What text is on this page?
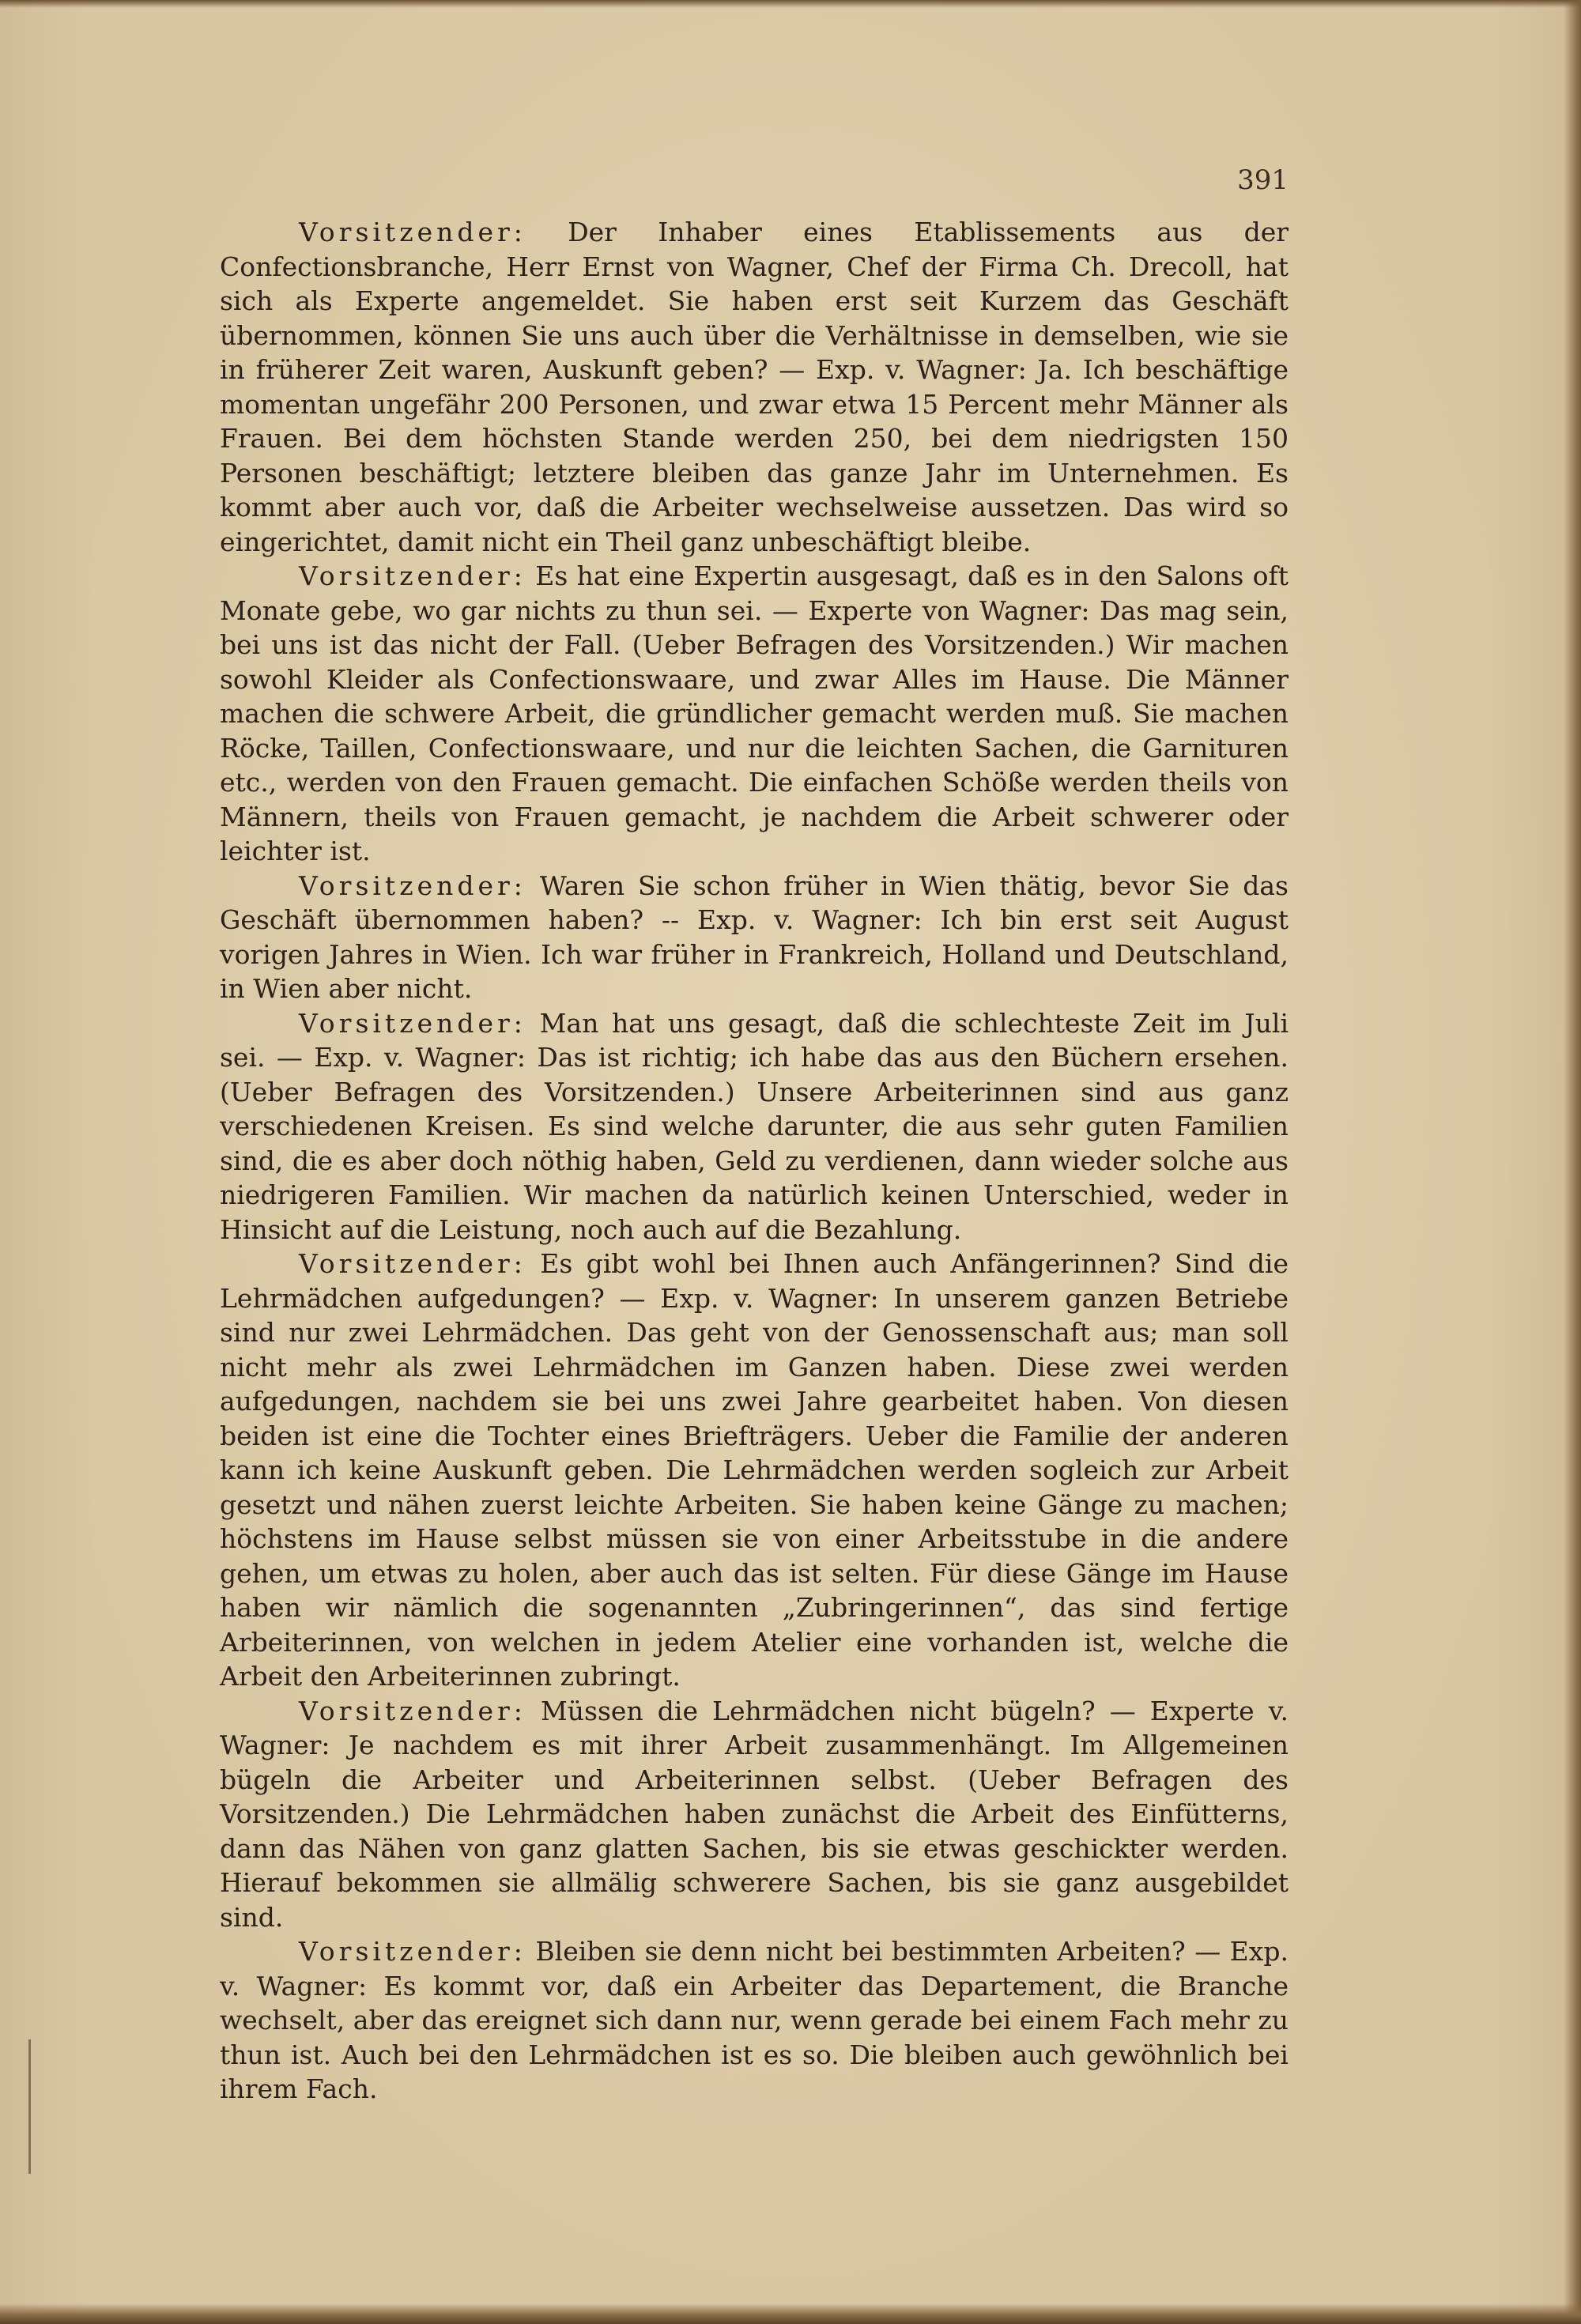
391

Vorsitzender: Der Inhaber eines Etablissements aus der Confectionsbranche, Herr Ernst von Wagner, Chef der Firma Ch. Drecoll, hat sich als Experte angemeldet. Sie haben erst seit Kurzem das Geschäft übernommen, können Sie uns auch über die Verhältnisse in demselben, wie sie in früherer Zeit waren, Auskunft geben? — Exp. v. Wagner: Ja. Ich beschäftige momentan ungefähr 200 Personen, und zwar etwa 15 Percent mehr Männer als Frauen. Bei dem höchsten Stande werden 250, bei dem niedrigsten 150 Personen beschäftigt; letztere bleiben das ganze Jahr im Unternehmen. Es kommt aber auch vor, daß die Arbeiter wechselweise aussetzen. Das wird so eingerichtet, damit nicht ein Theil ganz unbeschäftigt bleibe.

Vorsitzender: Es hat eine Expertin ausgesagt, daß es in den Salons oft Monate gebe, wo gar nichts zu thun sei. — Experte von Wagner: Das mag sein, bei uns ist das nicht der Fall. (Ueber Befragen des Vorsitzenden.) Wir machen sowohl Kleider als Confectionswaare, und zwar Alles im Hause. Die Männer machen die schwere Arbeit, die gründlicher gemacht werden muß. Sie machen Röcke, Taillen, Confectionswaare, und nur die leichten Sachen, die Garnituren etc., werden von den Frauen gemacht. Die einfachen Schöße werden theils von Männern, theils von Frauen gemacht, je nachdem die Arbeit schwerer oder leichter ist.

Vorsitzender: Waren Sie schon früher in Wien thätig, bevor Sie das Geschäft übernommen haben? -- Exp. v. Wagner: Ich bin erst seit August vorigen Jahres in Wien. Ich war früher in Frankreich, Holland und Deutschland, in Wien aber nicht.

Vorsitzender: Man hat uns gesagt, daß die schlechteste Zeit im Juli sei. — Exp. v. Wagner: Das ist richtig; ich habe das aus den Büchern ersehen. (Ueber Befragen des Vorsitzenden.) Unsere Arbeiterinnen sind aus ganz verschiedenen Kreisen. Es sind welche darunter, die aus sehr guten Familien sind, die es aber doch nöthig haben, Geld zu verdienen, dann wieder solche aus niedrigeren Familien. Wir machen da natürlich keinen Unterschied, weder in Hinsicht auf die Leistung, noch auch auf die Bezahlung.

Vorsitzender: Es gibt wohl bei Ihnen auch Anfängerinnen? Sind die Lehrmädchen aufgedungen? — Exp. v. Wagner: In unserem ganzen Betriebe sind nur zwei Lehrmädchen. Das geht von der Genossenschaft aus; man soll nicht mehr als zwei Lehrmädchen im Ganzen haben. Diese zwei werden aufgedungen, nachdem sie bei uns zwei Jahre gearbeitet haben. Von diesen beiden ist eine die Tochter eines Briefträgers. Ueber die Familie der anderen kann ich keine Auskunft geben. Die Lehrmädchen werden sogleich zur Arbeit gesetzt und nähen zuerst leichte Arbeiten. Sie haben keine Gänge zu machen; höchstens im Hause selbst müssen sie von einer Arbeitsstube in die andere gehen, um etwas zu holen, aber auch das ist selten. Für diese Gänge im Hause haben wir nämlich die sogenannten „Zubringerinnen“, das sind fertige Arbeiterinnen, von welchen in jedem Atelier eine vorhanden ist, welche die Arbeit den Arbeiterinnen zubringt.

Vorsitzender: Müssen die Lehrmädchen nicht bügeln? — Experte v. Wagner: Je nachdem es mit ihrer Arbeit zusammenhängt. Im Allgemeinen bügeln die Arbeiter und Arbeiterinnen selbst. (Ueber Befragen des Vorsitzenden.) Die Lehrmädchen haben zunächst die Arbeit des Einfütterns, dann das Nähen von ganz glatten Sachen, bis sie etwas geschickter werden. Hierauf bekommen sie allmälig schwerere Sachen, bis sie ganz ausgebildet sind.

Vorsitzender: Bleiben sie denn nicht bei bestimmten Arbeiten? — Exp. v. Wagner: Es kommt vor, daß ein Arbeiter das Departement, die Branche wechselt, aber das ereignet sich dann nur, wenn gerade bei einem Fach mehr zu thun ist. Auch bei den Lehrmädchen ist es so. Die bleiben auch gewöhnlich bei ihrem Fach.
